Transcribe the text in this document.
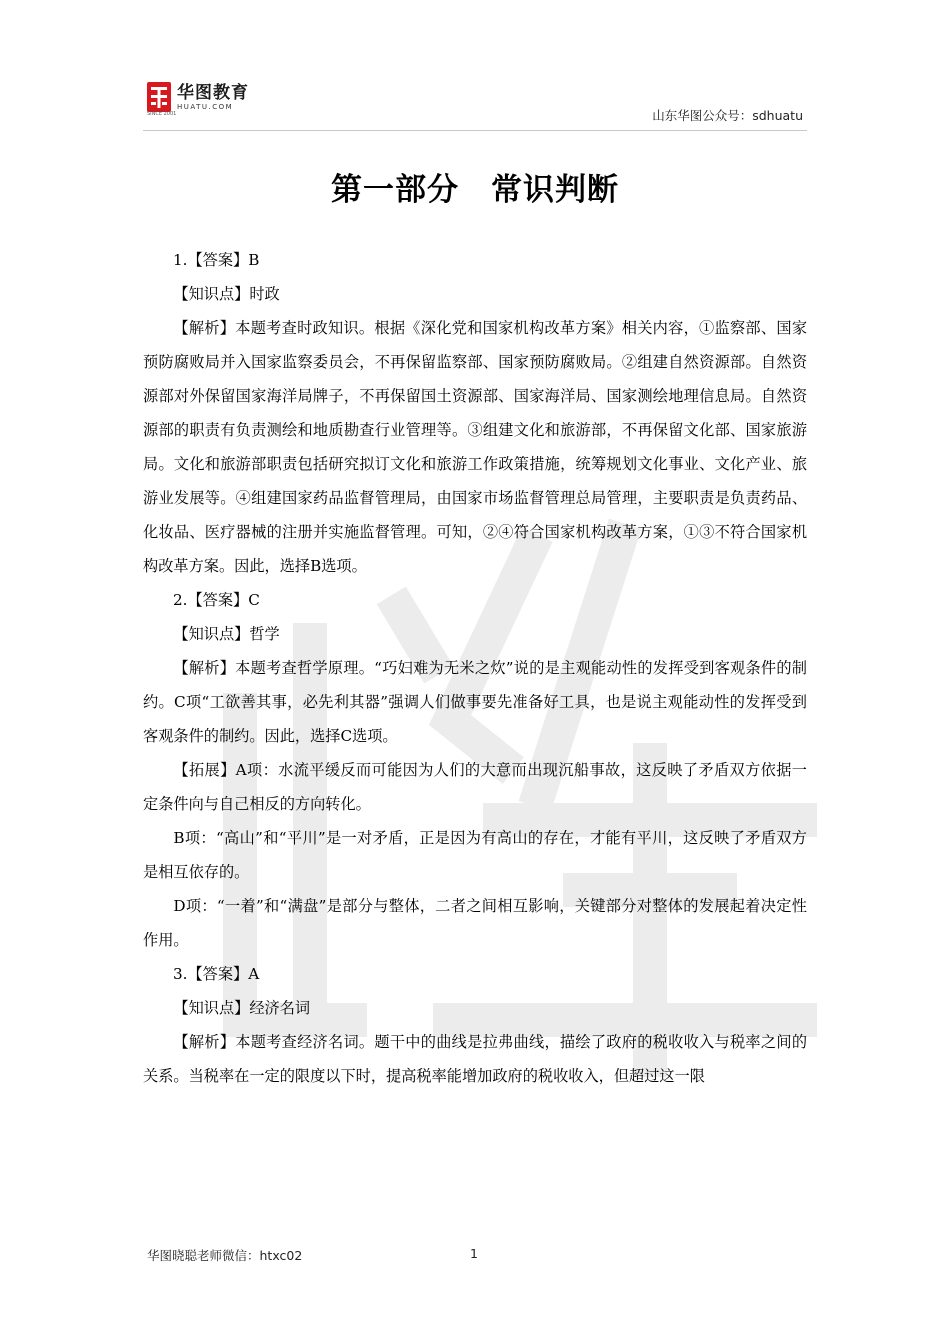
华图教育
HUATU.COM
SINCE 2001	山东华图公众号：sdhuatu
第一部分　常识判断

1.【答案】B

【知识点】时政

【解析】本题考查时政知识。根据《深化党和国家机构改革方案》相关内容，①监察部、国家预防腐败局并入国家监察委员会，不再保留监察部、国家预防腐败局。②组建自然资源部。自然资源部对外保留国家海洋局牌子，不再保留国土资源部、国家海洋局、国家测绘地理信息局。自然资源部的职责有负责测绘和地质勘查行业管理等。③组建文化和旅游部，不再保留文化部、国家旅游局。文化和旅游部职责包括研究拟订文化和旅游工作政策措施，统筹规划文化事业、文化产业、旅游业发展等。④组建国家药品监督管理局，由国家市场监督管理总局管理，主要职责是负责药品、化妆品、医疗器械的注册并实施监督管理。可知，②④符合国家机构改革方案，①③不符合国家机构改革方案。因此，选择B选项。

2.【答案】C

【知识点】哲学

【解析】本题考查哲学原理。“巧妇难为无米之炊”说的是主观能动性的发挥受到客观条件的制约。C项“工欲善其事，必先利其器”强调人们做事要先准备好工具，也是说主观能动性的发挥受到客观条件的制约。因此，选择C选项。

【拓展】A项：水流平缓反而可能因为人们的大意而出现沉船事故，这反映了矛盾双方依据一定条件向与自己相反的方向转化。

B项：“高山”和“平川”是一对矛盾，正是因为有高山的存在，才能有平川，这反映了矛盾双方是相互依存的。

D项：“一着”和“满盘”是部分与整体，二者之间相互影响，关键部分对整体的发展起着决定性作用。

3.【答案】A

【知识点】经济名词

【解析】本题考查经济名词。题干中的曲线是拉弗曲线，描绘了政府的税收收入与税率之间的关系。当税率在一定的限度以下时，提高税率能增加政府的税收收入，但超过这一限

华图晓聪老师微信：htxc02	1
